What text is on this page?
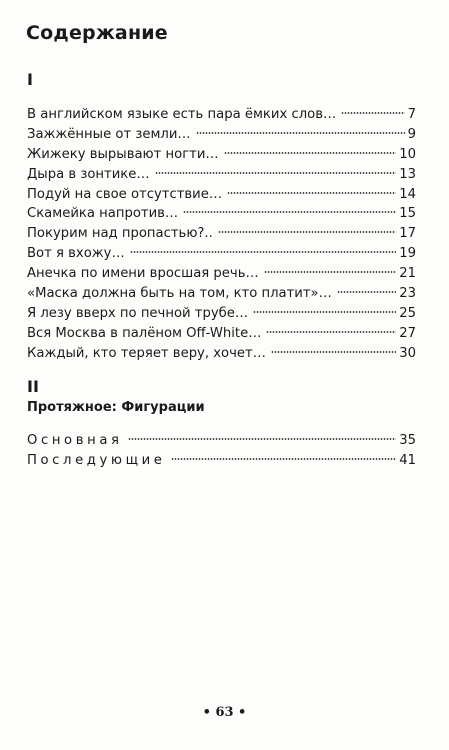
Содержание
I
В английском языке есть пара ёмких слов…	7
Зажжённые от земли…	9
Жижеку вырывают ногти…	10
Дыра в зонтике…	13
Подуй на свое отсутствие…	14
Скамейка напротив…	15
Покурим над пропастью?..	17
Вот я вхожу…	19
Анечка по имени вросшая речь…	21
«Маска должна быть на том, кто платит»…	23
Я лезу вверх по печной трубе…	25
Вся Москва в палёном Off-White…	27
Каждый, кто теряет веру, хочет…	30
II
Протяжное: Фигурации
Основная	35
Последующие	41
• 63 •
